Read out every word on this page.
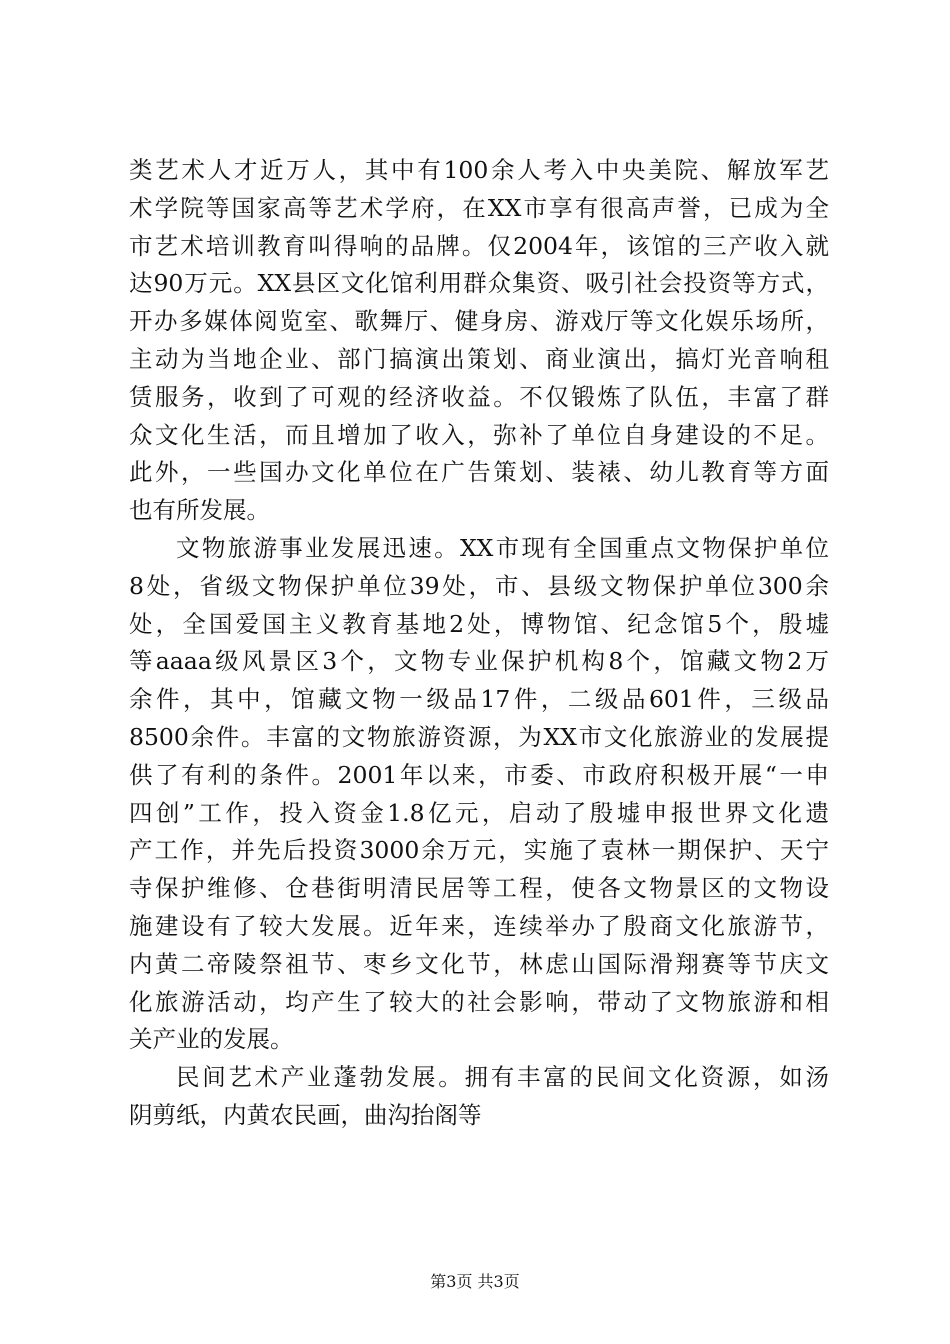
类艺术人才近万人，其中有100余人考入中央美院、解放军艺
术学院等国家高等艺术学府，在XX市享有很高声誉，已成为全
市艺术培训教育叫得响的品牌。仅2004年，该馆的三产收入就
达90万元。XX县区文化馆利用群众集资、吸引社会投资等方式，
开办多媒体阅览室、歌舞厅、健身房、游戏厅等文化娱乐场所，
主动为当地企业、部门搞演出策划、商业演出，搞灯光音响租
赁服务，收到了可观的经济收益。不仅锻炼了队伍，丰富了群
众文化生活，而且增加了收入，弥补了单位自身建设的不足。
此外，一些国办文化单位在广告策划、装裱、幼儿教育等方面
也有所发展。
文物旅游事业发展迅速。XX市现有全国重点文物保护单位
8处，省级文物保护单位39处，市、县级文物保护单位300余
处，全国爱国主义教育基地2处，博物馆、纪念馆5个，殷墟
等aaaa级风景区3个，文物专业保护机构8个，馆藏文物2万
余件，其中，馆藏文物一级品17件，二级品601件，三级品
8500余件。丰富的文物旅游资源，为XX市文化旅游业的发展提
供了有利的条件。2001年以来，市委、市政府积极开展“一申
四创”工作，投入资金1.8亿元，启动了殷墟申报世界文化遗
产工作，并先后投资3000余万元，实施了袁林一期保护、天宁
寺保护维修、仓巷街明清民居等工程，使各文物景区的文物设
施建设有了较大发展。近年来，连续举办了殷商文化旅游节，
内黄二帝陵祭祖节、枣乡文化节，林虑山国际滑翔赛等节庆文
化旅游活动，均产生了较大的社会影响，带动了文物旅游和相
关产业的发展。
民间艺术产业蓬勃发展。拥有丰富的民间文化资源，如汤
阴剪纸，内黄农民画，曲沟抬阁等
第3页 共3页
